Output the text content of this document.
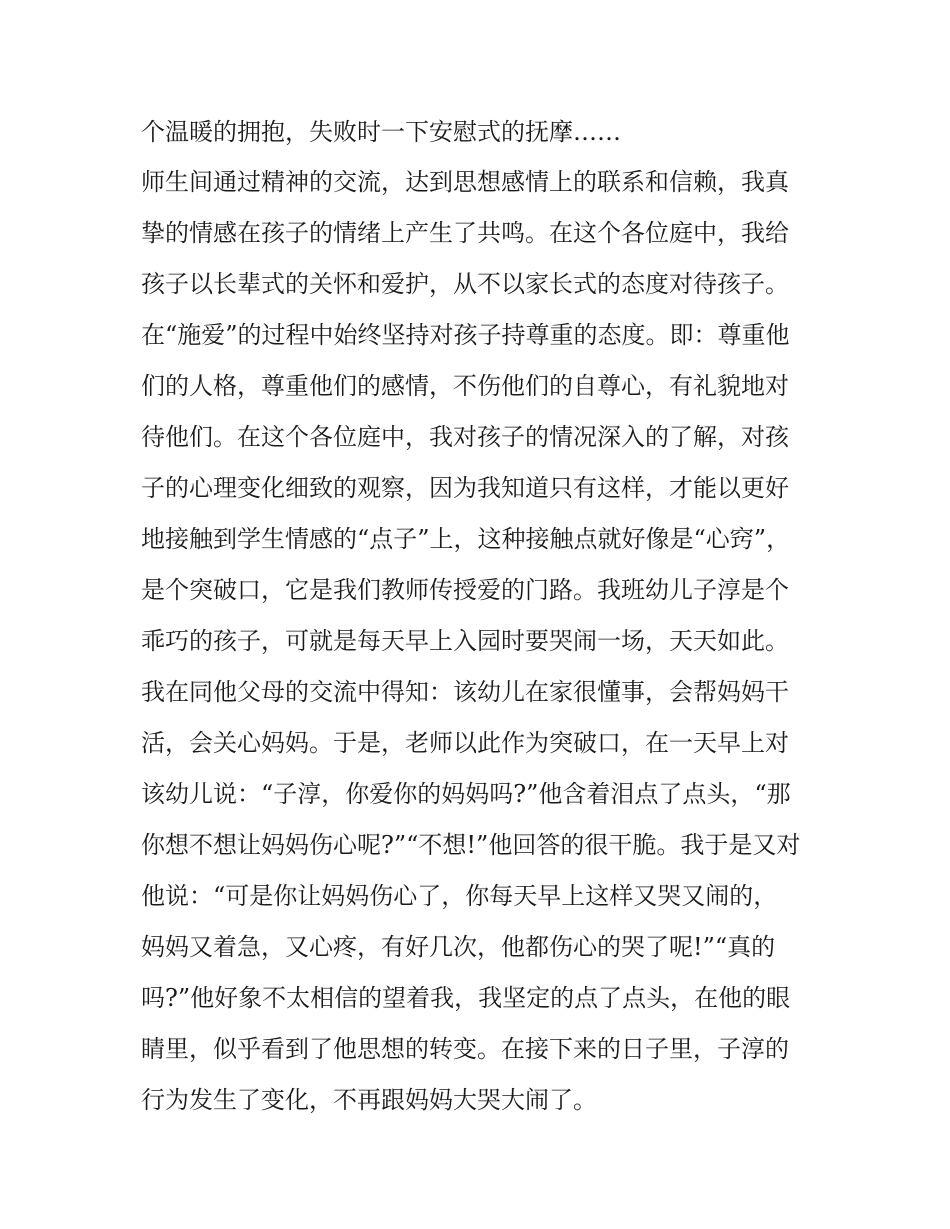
个温暖的拥抱，失败时一下安慰式的抚摩……
师生间通过精神的交流，达到思想感情上的联系和信赖，我真
挚的情感在孩子的情绪上产生了共鸣。在这个各位庭中，我给
孩子以长辈式的关怀和爱护，从不以家长式的态度对待孩子。
在“施爱”的过程中始终坚持对孩子持尊重的态度。即：尊重他
们的人格，尊重他们的感情，不伤他们的自尊心，有礼貌地对
待他们。在这个各位庭中，我对孩子的情况深入的了解，对孩
子的心理变化细致的观察，因为我知道只有这样，才能以更好
地接触到学生情感的“点子”上，这种接触点就好像是“心窍”，
是个突破口，它是我们教师传授爱的门路。我班幼儿子淳是个
乖巧的孩子，可就是每天早上入园时要哭闹一场，天天如此。
我在同他父母的交流中得知：该幼儿在家很懂事，会帮妈妈干
活，会关心妈妈。于是，老师以此作为突破口，在一天早上对
该幼儿说：“子淳，你爱你的妈妈吗?”他含着泪点了点头，“那
你想不想让妈妈伤心呢?”“不想!”他回答的很干脆。我于是又对
他说：“可是你让妈妈伤心了，你每天早上这样又哭又闹的，
妈妈又着急，又心疼，有好几次，他都伤心的哭了呢!”“真的
吗?”他好象不太相信的望着我，我坚定的点了点头，在他的眼
睛里，似乎看到了他思想的转变。在接下来的日子里，子淳的
行为发生了变化，不再跟妈妈大哭大闹了。
